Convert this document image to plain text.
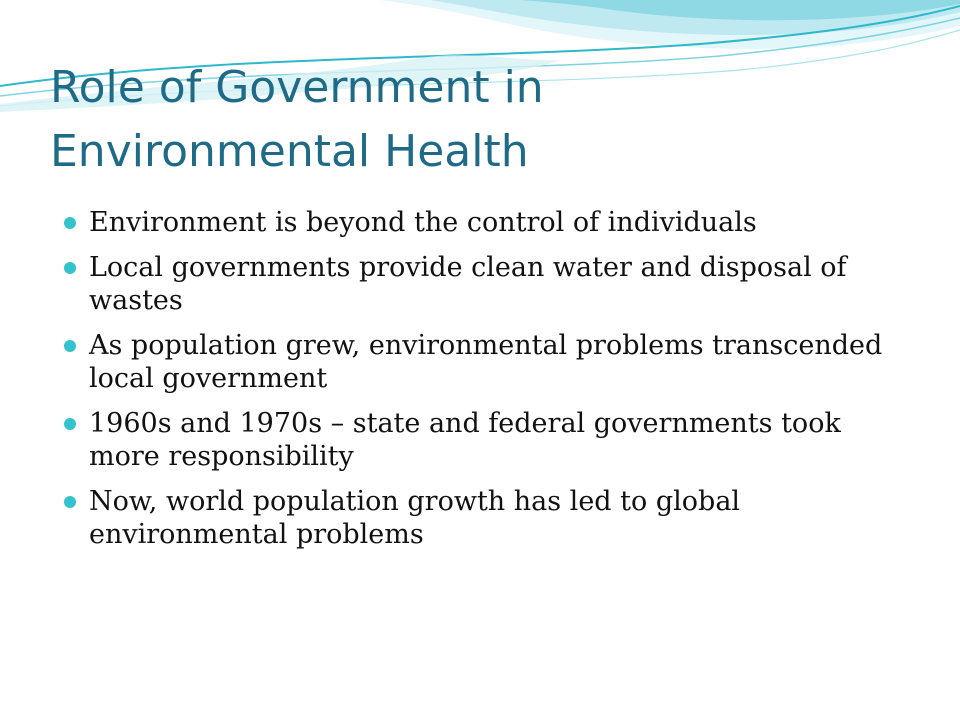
Role of Government in
Environmental Health
Environment is beyond the control of individuals
Local governments provide clean water and disposal of wastes
As population grew, environmental problems transcended local government
1960s and 1970s – state and federal governments took more responsibility
Now, world population growth has led to global environmental problems
